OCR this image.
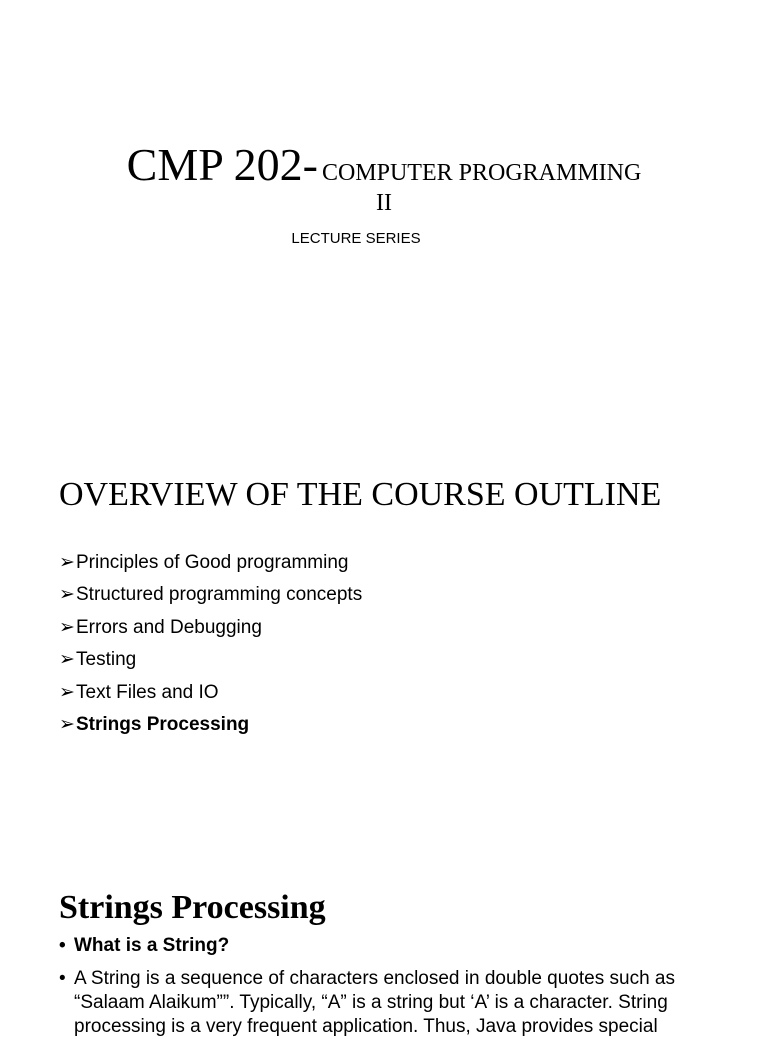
CMP 202- COMPUTER PROGRAMMING
II
LECTURE SERIES
OVERVIEW OF THE COURSE OUTLINE
➢Principles of Good programming
➢Structured programming concepts
➢Errors and Debugging
➢Testing
➢Text Files and IO
➢Strings Processing
Strings Processing
• What is a String?
• A String is a sequence of characters enclosed in double quotes such as “Salaam Alaikum””. Typically, “A” is a string but ‘A’ is a character. String processing is a very frequent application. Thus, Java provides special
